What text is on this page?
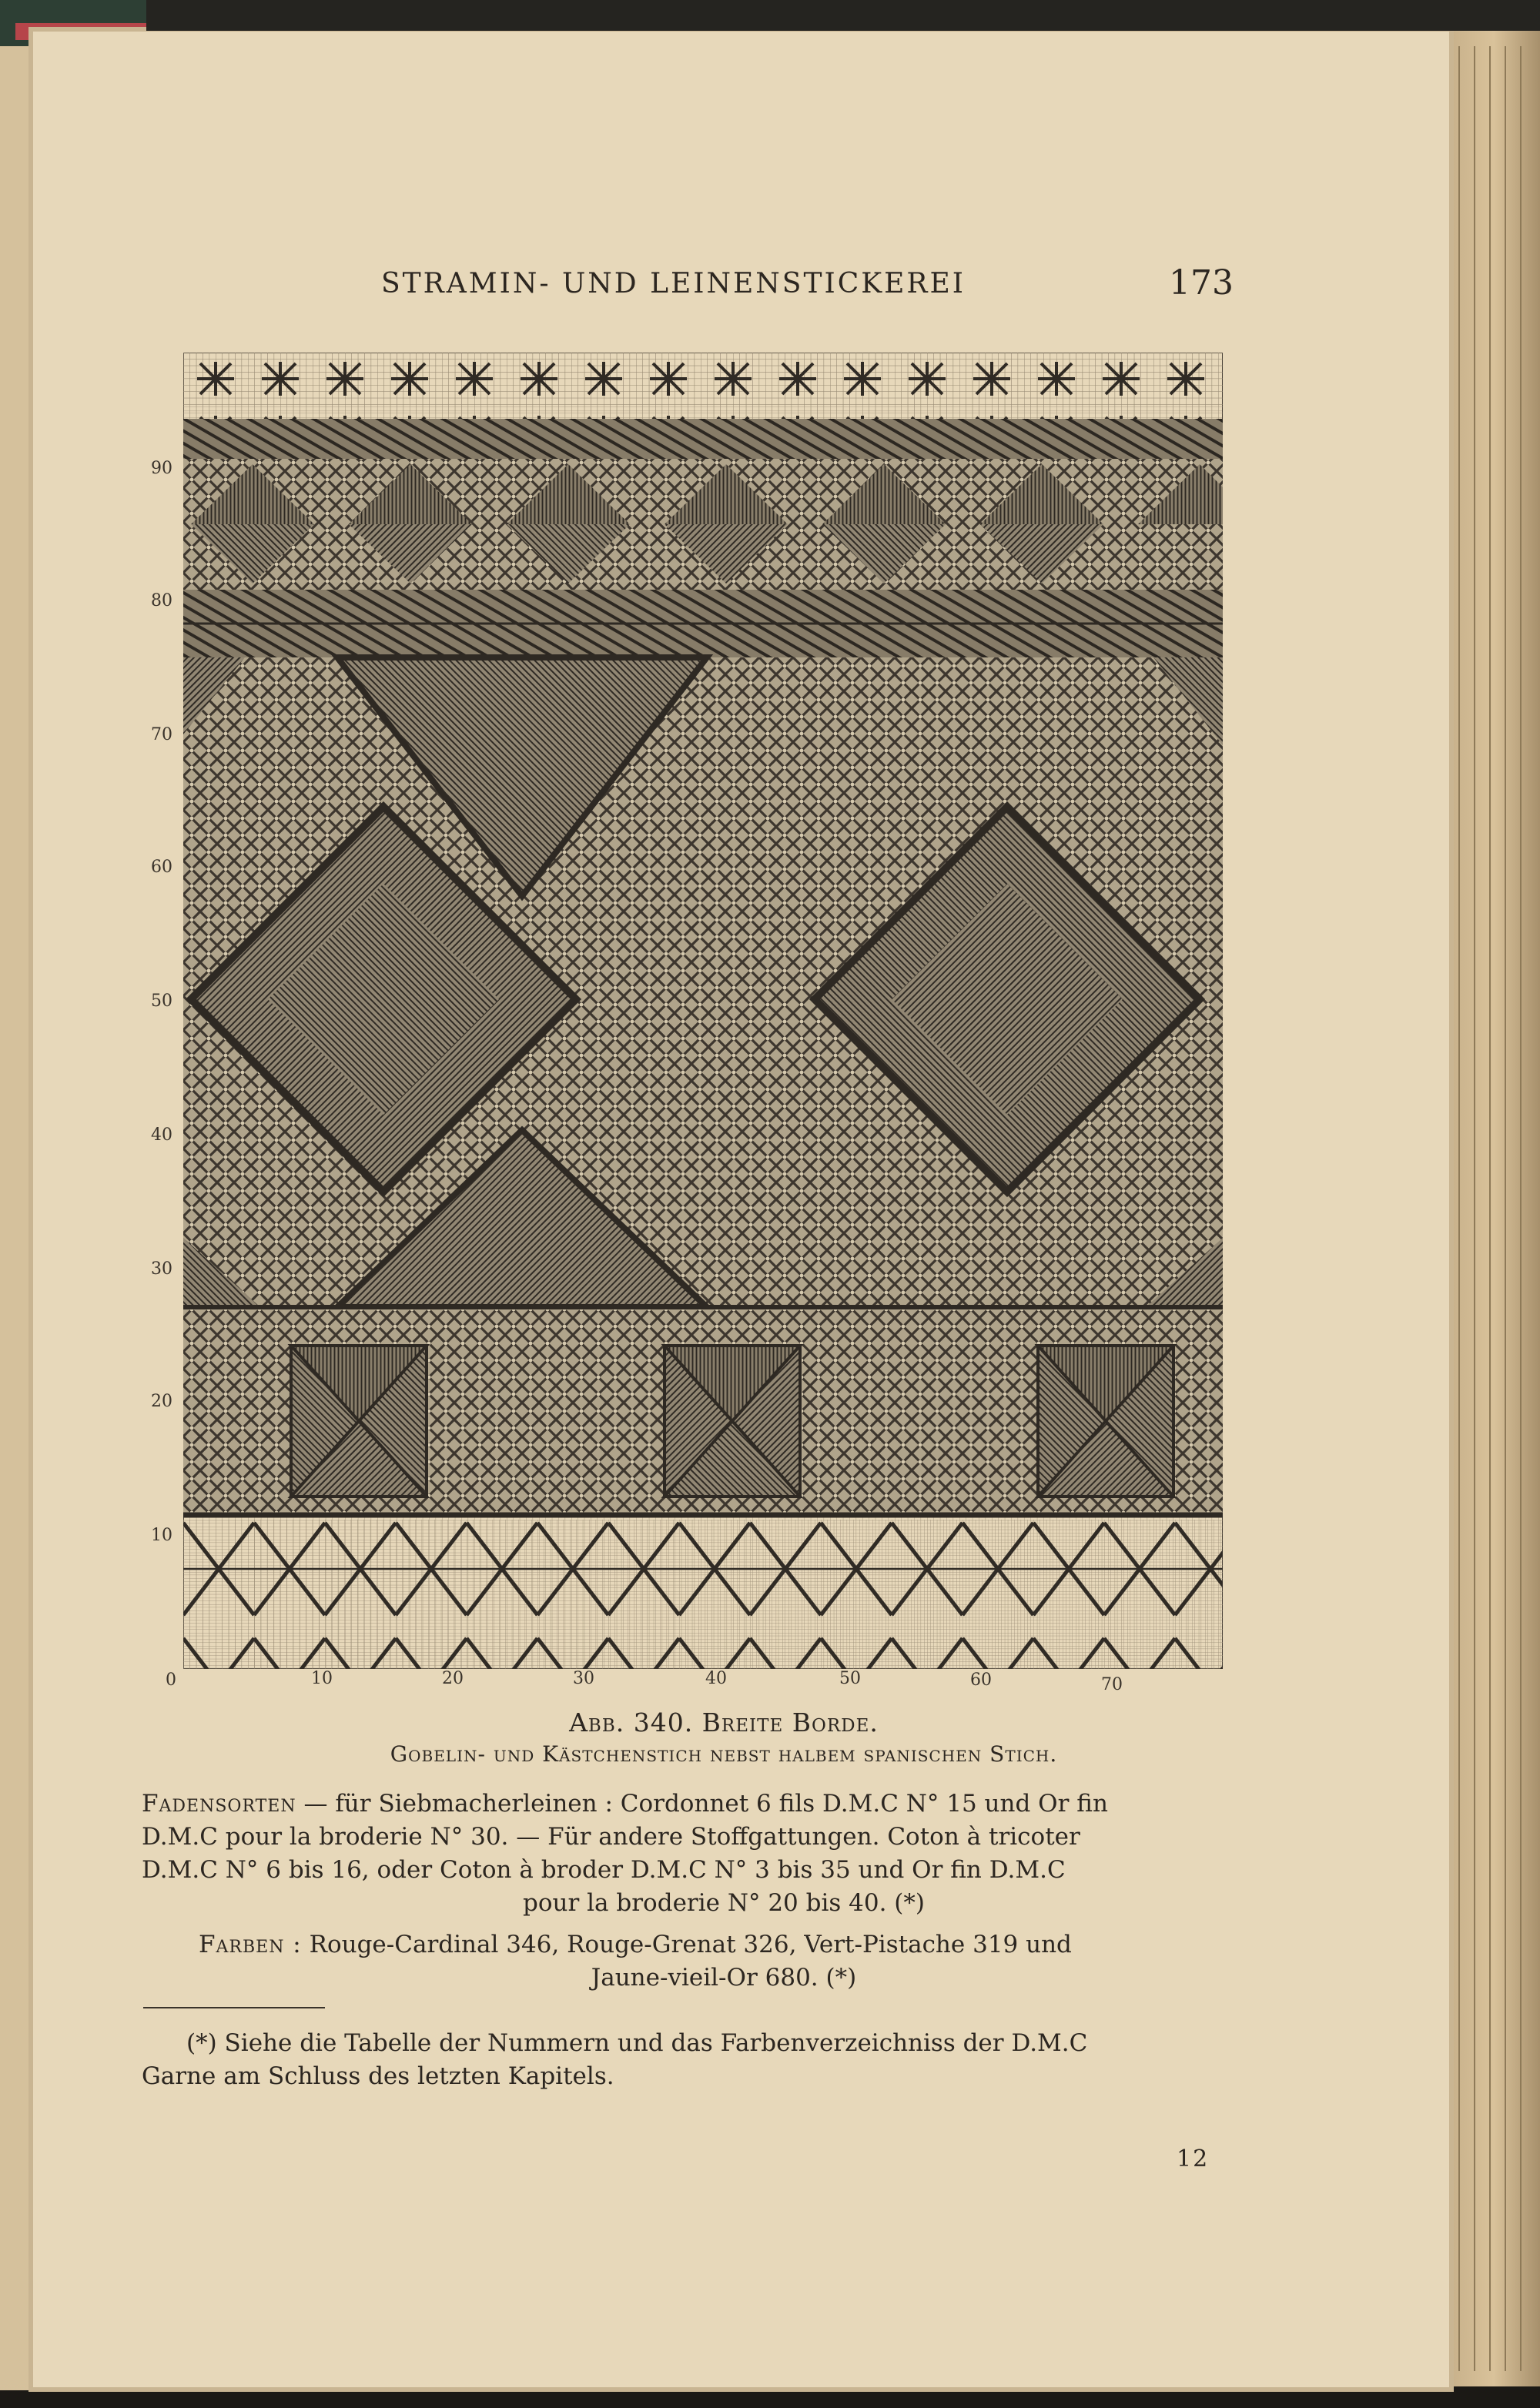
STRAMIN- UND LEINENSTICKEREI	173
90
80
70
60
50
40
30
20
10
0	10	20	30	40	50	60	70
Abb. 340. Breite Borde.
Gobelin- und Kästchenstich nebst halbem spanischen Stich.
Fadensorten — für Siebmacherleinen : Cordonnet 6 fils D.M.C N° 15 und Or fin
D.M.C pour la broderie N° 30. — Für andere Stoffgattungen. Coton à tricoter
D.M.C N° 6 bis 16, oder Coton à broder D.M.C N° 3 bis 35 und Or fin D.M.C
pour la broderie N° 20 bis 40. (*)
Farben : Rouge-Cardinal 346, Rouge-Grenat 326, Vert-Pistache 319 und
Jaune-vieil-Or 680. (*)
(*) Siehe die Tabelle der Nummern und das Farbenverzeichniss der D.M.C
Garne am Schluss des letzten Kapitels.
12
